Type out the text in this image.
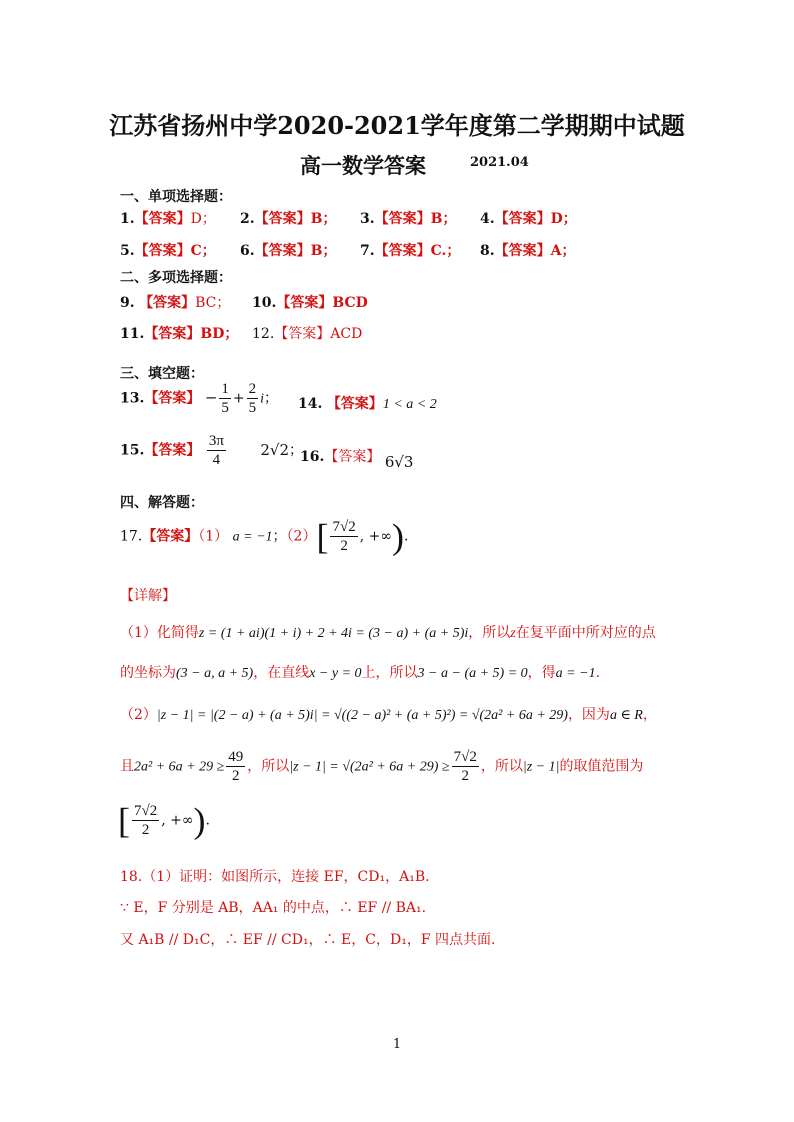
江苏省扬州中学2020-2021学年度第二学期期中试题
高一数学答案	2021.04
一、单项选择题：
1.【答案】D； 2.【答案】B； 3.【答案】B； 4.【答案】D；
5.【答案】C； 6.【答案】B； 7.【答案】C.； 8.【答案】A；
二、多项选择题：
9. 【答案】BC； 10.【答案】BCD
11.【答案】BD； 12.【答案】ACD
三、填空题：
13.【答案】 − $\frac{1}{5} + \frac{2}{5}$ i； 14. 【答案】1 < a < 2
15.【答案】 $\frac{3\pi}{4} 2√2$；
16.【答案】 6√3
四、解答题：
17.【答案】（1） a = −1；$(2)[ \frac{7√2}{2}$ , +∞).
【详解】
（1）化简得z = (1 + ai)(1 + i) + 2 + 4i = (3 − a) + (a + 5)i，所以z在复平面中所对应的点
的坐标为(3 − a, a + 5)，在直线x − y = 0上，所以3 − a − (a + 5) = 0，得a = −1.
（2）|z − 1| = |(2 − a) + (a + 5)i| = √((2 − a)² + (a + 5)²) = √(2a² + 6a + 29)，因为a ∈ R，
且$2a^2 + 6a + 29 \ge \frac{49}{2}$ ，所以$|z - 1| = √(2a^2 + 6a + 29) \ge \frac{7√2}{2}$ ，所以|z − 1|的取值范围为
[ $\frac{7√2}{2}$ , +∞).
18.（1）证明：如图所示，连接 EF，CD₁，A₁B.
∵ E，F 分别是 AB，AA₁ 的中点，∴ EF // BA₁.
又 A₁B // D₁C，∴ EF // CD₁，∴ E，C，D₁，F 四点共面.
1
